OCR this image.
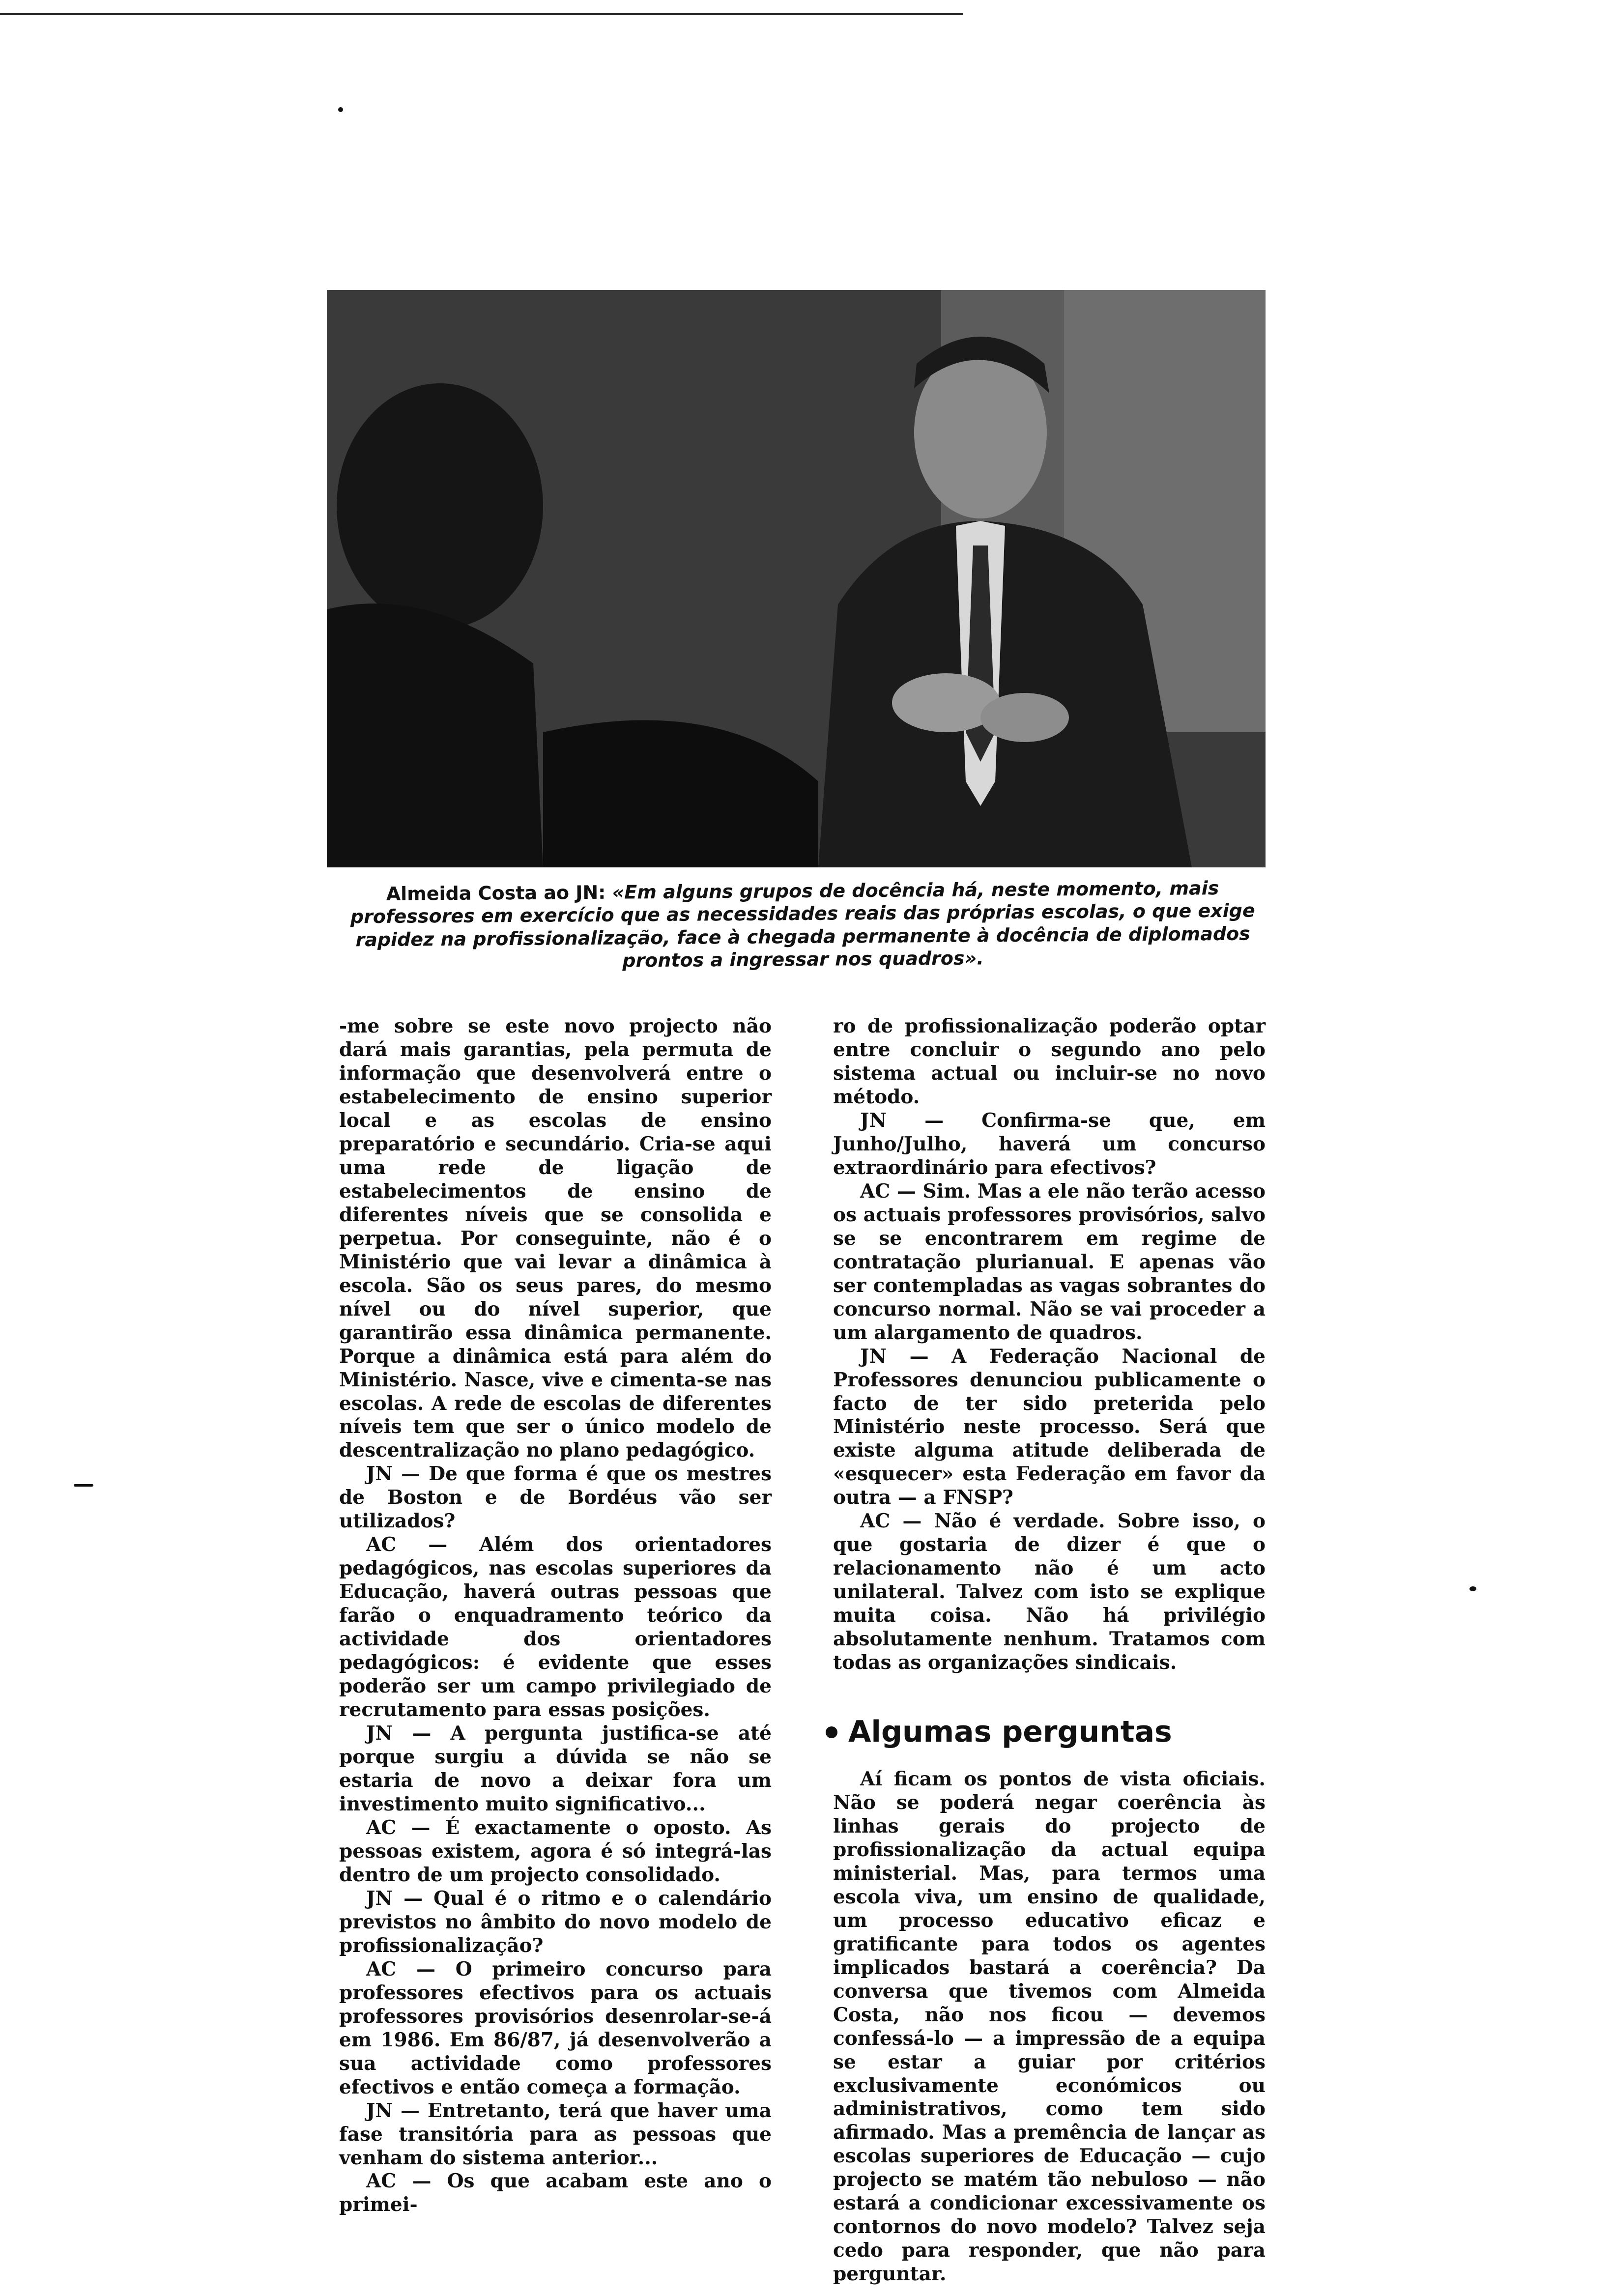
Almeida Costa ao JN: «Em alguns grupos de docência há, neste momento, mais professores em exercício que as necessidades reais das próprias escolas, o que exige rapidez na profissionalização, face à chegada permanente à docência de diplomados prontos a ingressar nos quadros».

-me sobre se este novo projecto não dará mais garantias, pela permuta de informação que desenvolverá entre o estabelecimento de ensino superior local e as escolas de ensino preparatório e secundário. Cria-se aqui uma rede de ligação de estabelecimentos de ensino de diferentes níveis que se consolida e perpetua. Por conseguinte, não é o Ministério que vai levar a dinâmica à escola. São os seus pares, do mesmo nível ou do nível superior, que garantirão essa dinâmica permanente. Porque a dinâmica está para além do Ministério. Nasce, vive e cimenta-se nas escolas. A rede de escolas de diferentes níveis tem que ser o único modelo de descentralização no plano pedagógico.

JN — De que forma é que os mestres de Boston e de Bordéus vão ser utilizados?

AC — Além dos orientadores pedagógicos, nas escolas superiores da Educação, haverá outras pessoas que farão o enquadramento teórico da actividade dos orientadores pedagógicos: é evidente que esses poderão ser um campo privilegiado de recrutamento para essas posições.

JN — A pergunta justifica-se até porque surgiu a dúvida se não se estaria de novo a deixar fora um investimento muito significativo...

AC — É exactamente o oposto. As pessoas existem, agora é só integrá-las dentro de um projecto consolidado.

JN — Qual é o ritmo e o calendário previstos no âmbito do novo modelo de profissionalização?

AC — O primeiro concurso para professores efectivos para os actuais professores provisórios desenrolar-se-á em 1986. Em 86/87, já desenvolverão a sua actividade como professores efectivos e então começa a formação.

JN — Entretanto, terá que haver uma fase transitória para as pessoas que venham do sistema anterior...

AC — Os que acabam este ano o primei-

ro de profissionalização poderão optar entre concluir o segundo ano pelo sistema actual ou incluir-se no novo método.

JN — Confirma-se que, em Junho/Julho, haverá um concurso extraordinário para efectivos?

AC — Sim. Mas a ele não terão acesso os actuais professores provisórios, salvo se se encontrarem em regime de contratação plurianual. E apenas vão ser contempladas as vagas sobrantes do concurso normal. Não se vai proceder a um alargamento de quadros.

JN — A Federação Nacional de Professores denunciou publicamente o facto de ter sido preterida pelo Ministério neste processo. Será que existe alguma atitude deliberada de «esquecer» esta Federação em favor da outra — a FNSP?

AC — Não é verdade. Sobre isso, o que gostaria de dizer é que o relacionamento não é um acto unilateral. Talvez com isto se explique muita coisa. Não há privilégio absolutamente nenhum. Tratamos com todas as organizações sindicais.

Algumas perguntas

Aí ficam os pontos de vista oficiais. Não se poderá negar coerência às linhas gerais do projecto de profissionalização da actual equipa ministerial. Mas, para termos uma escola viva, um ensino de qualidade, um processo educativo eficaz e gratificante para todos os agentes implicados bastará a coerência? Da conversa que tivemos com Almeida Costa, não nos ficou — devemos confessá-lo — a impressão de a equipa se estar a guiar por critérios exclusivamente económicos ou administrativos, como tem sido afirmado. Mas a premência de lançar as escolas superiores de Educação — cujo projecto se matém tão nebuloso — não estará a condicionar excessivamente os contornos do novo modelo? Talvez seja cedo para responder, que não para perguntar.
